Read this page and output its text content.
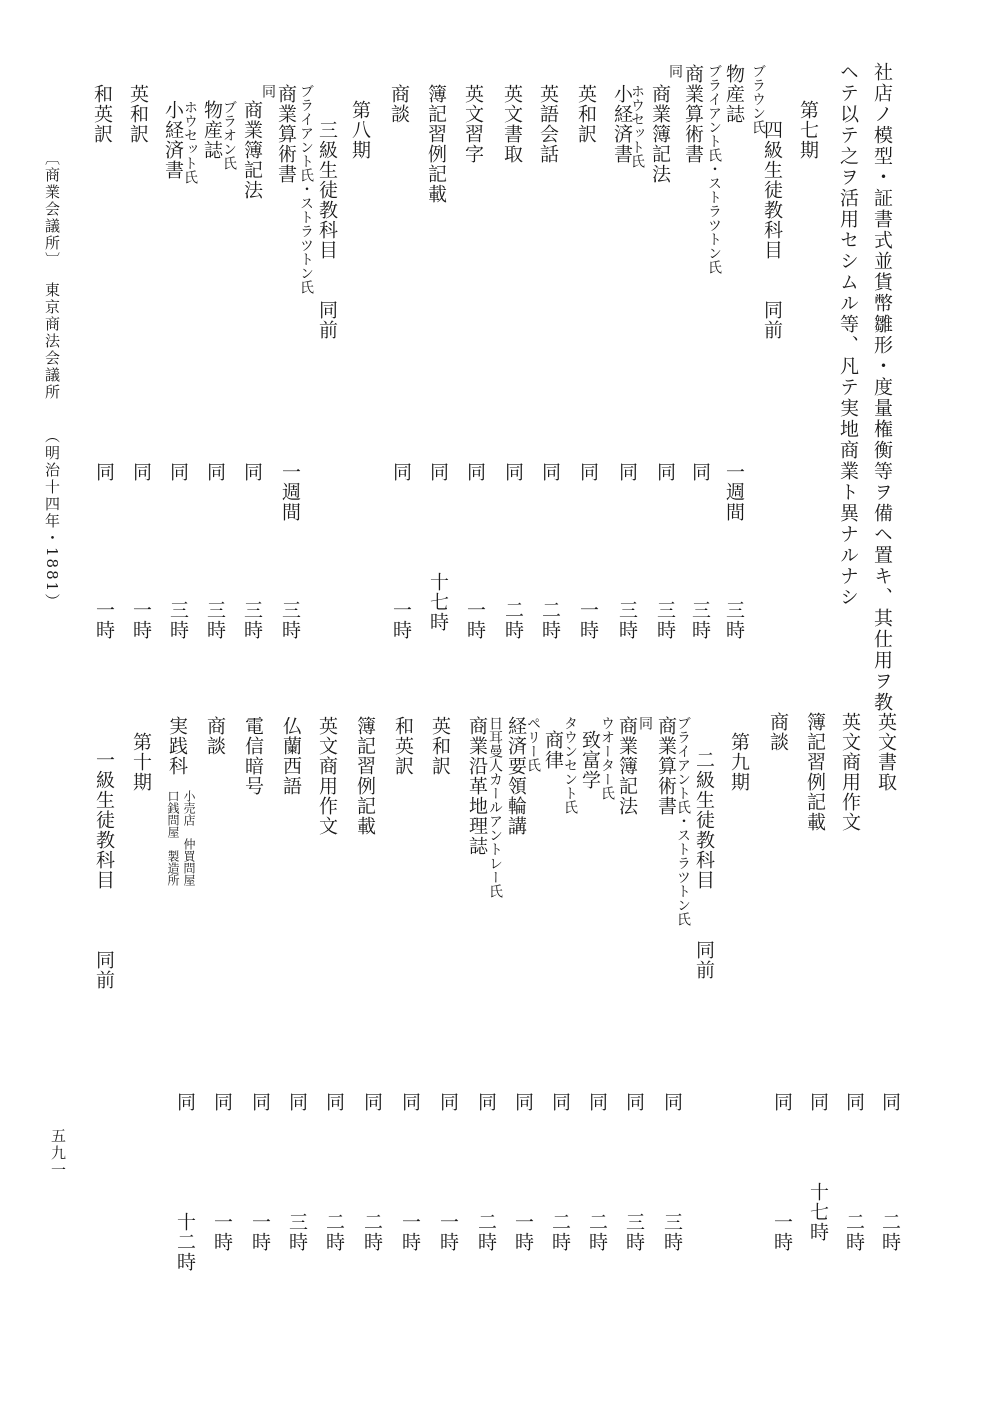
社店ノ模型・証書式並貨幣雛形・度量権衡等ヲ備ヘ置キ、其仕用ヲ教
ヘテ以テ之ヲ活用セシムル等、凡テ実地商業ト異ナルナシ
第七期
四級生徒教科目
同前
ブラウン氏
物産誌
一週間
三時
ブライアント氏・ストラツトン氏
商業算術書
同
三時
同
商業簿記法
同
三時
ホウセット氏
小経済書
同
三時
英和訳
同
一時
英語会話
同
二時
英文書取
同
二時
英文習字
同
一時
簿記習例記載
同
十七時
商談
同
一時
第八期
三級生徒教科目
同前
ブライアント氏・ストラツトン氏
商業算術書
一週間
三時
同
商業簿記法
同
三時
ブラオン氏
物産誌
同
三時
ホウセット氏
小経済書
同
三時
英和訳
同
一時
和英訳
同
一時
英文書取
同
二時
英文商用作文
同
二時
簿記習例記載
同
十七時
商談
同
一時
第九期
二級生徒教科目
同前
ブライアント氏・ストラツトン氏
商業算術書
同
三時
同
商業簿記法
同
三時
ウオーター氏
致富学
同
二時
タウンセント氏
商律
同
二時
ペリー氏
経済要領輪講
同
一時
日耳曼人カールアントレー氏
商業沿革地理誌
同
二時
英和訳
同
一時
和英訳
同
一時
簿記習例記載
同
二時
英文商用作文
同
二時
仏蘭西語
同
三時
電信暗号
同
一時
商談
同
一時
実践科
小売店　仲買問屋
口銭問屋　製造所
同
十二時
第十期
一級生徒教科目
同前
〔商業会議所〕
東京商法会議所
（明治十四年・1881）
五九一
